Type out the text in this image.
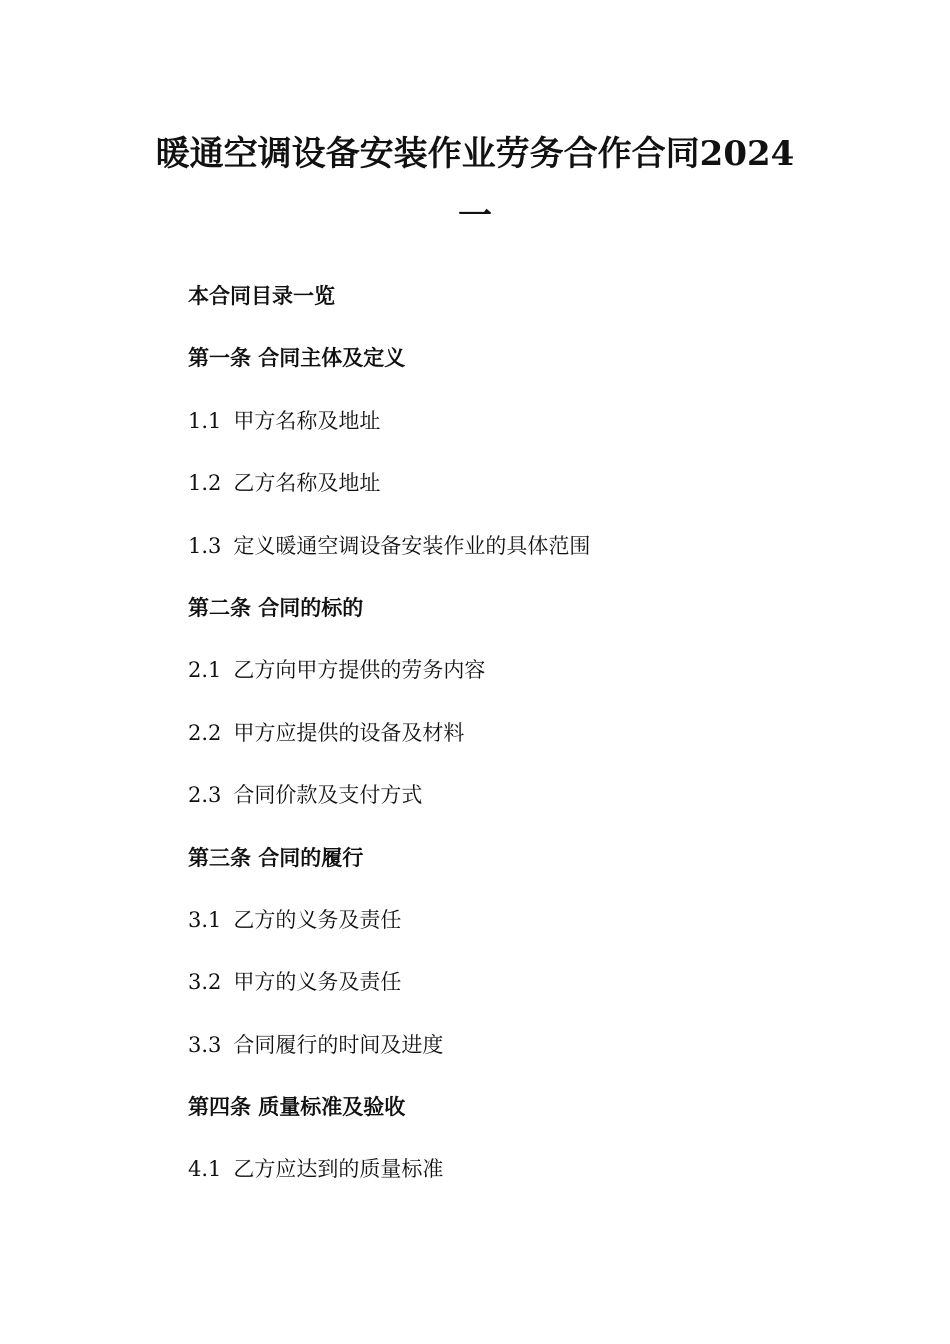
暖通空调设备安装作业劳务合作合同2024
一
本合同目录一览
第一条 合同主体及定义
1.1 甲方名称及地址
1.2 乙方名称及地址
1.3 定义暖通空调设备安装作业的具体范围
第二条 合同的标的
2.1 乙方向甲方提供的劳务内容
2.2 甲方应提供的设备及材料
2.3 合同价款及支付方式
第三条 合同的履行
3.1 乙方的义务及责任
3.2 甲方的义务及责任
3.3 合同履行的时间及进度
第四条 质量标准及验收
4.1 乙方应达到的质量标准
